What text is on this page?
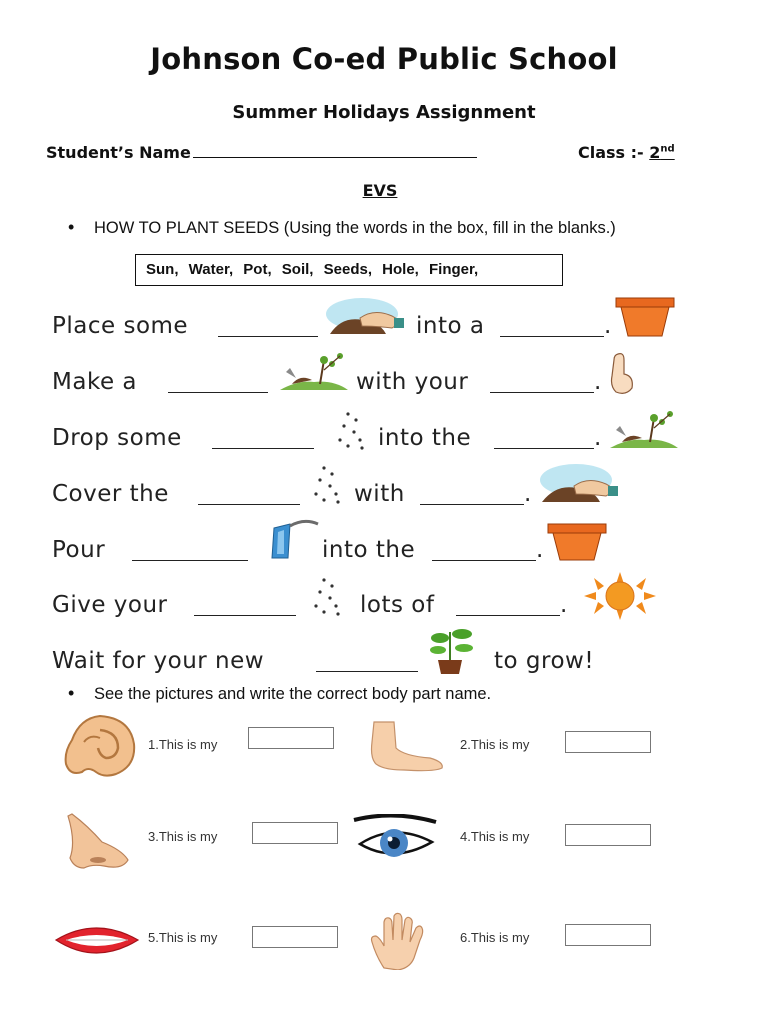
Johnson Co-ed Public School
Summer Holidays Assignment
Student’s Name	Class :- 2nd
EVS
• HOW TO PLANT SEEDS (Using the words in the box, fill in the blanks.)
Sun, Water, Pot, Soil, Seeds, Hole, Finger,
Place some	into a	.
Make a	with your	.
Drop some	into the	.
Cover the	with	.
Pour	into the	.
Give your	lots of	.
Wait for your new	to grow!
• See the pictures and write the correct body part name.
1.This is my	2.This is my
3.This is my	4.This is my
5.This is my	6.This is my
